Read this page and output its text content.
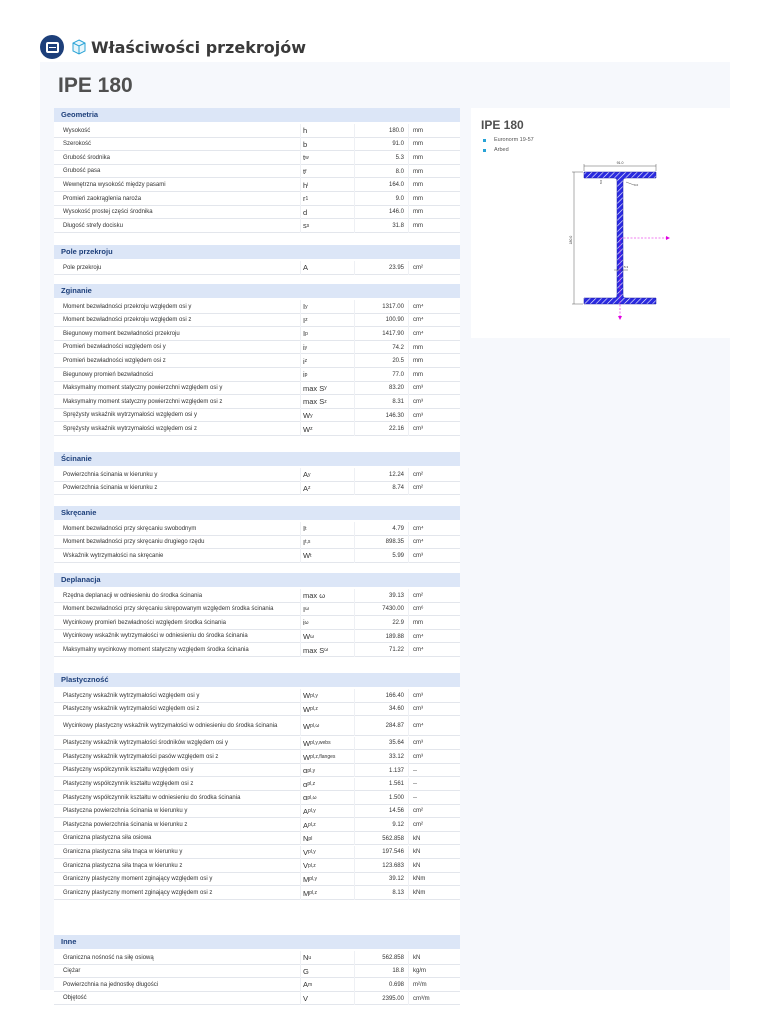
Właściwości przekrojów
Dlubal
IPE 180
Geometria
Wysokość	h	180.0	mm
Szerokość	b	91.0	mm
Grubość środnika	t w	5.3	mm
Grubość pasa	t f	8.0	mm
Wewnętrzna wysokość między pasami	h i	164.0	mm
Promień zaokrąglenia naroża	r 1	9.0	mm
Wysokość prostej części środnika	d	146.0	mm
Długość strefy docisku	s s	31.8	mm
Pole przekroju
Pole przekroju	A	23.95	cm²
Zginanie
Moment bezwładności przekroju względem osi y	I y	1317.00	cm⁴
Moment bezwładności przekroju względem osi z	I z	100.90	cm⁴
Biegunowy moment bezwładności przekroju	I p	1417.90	cm⁴
Promień bezwładności względem osi y	i y	74.2	mm
Promień bezwładności względem osi z	i z	20.5	mm
Biegunowy promień bezwładności	i p	77.0	mm
Maksymalny moment statyczny powierzchni względem osi y	max S y	83.20	cm³
Maksymalny moment statyczny powierzchni względem osi z	max S z	8.31	cm³
Sprężysty wskaźnik wytrzymałości względem osi y	W y	146.30	cm³
Sprężysty wskaźnik wytrzymałości względem osi z	W z	22.16	cm³
Ścinanie
Powierzchnia ścinania w kierunku y	A y	12.24	cm²
Powierzchnia ścinania w kierunku z	A z	8.74	cm²
Skręcanie
Moment bezwładności przy skręcaniu swobodnym	I t	4.79	cm⁴
Moment bezwładności przy skręcaniu drugiego rzędu	I t,s	898.35	cm⁴
Wskaźnik wytrzymałości na skręcanie	W t	5.99	cm³
Deplanacja
Rzędna deplanacji w odniesieniu do środka ścinania	max ω	39.13	cm²
Moment bezwładności przy skręcaniu skrępowanym względem środka ścinania	I ω	7430.00	cm⁶
Wycinkowy promień bezwładności względem środka ścinania	i ω	22.9	mm
Wycinkowy wskaźnik wytrzymałości w odniesieniu do środka ścinania	W ω	189.88	cm⁴
Maksymalny wycinkowy moment statyczny względem środka ścinania	max S ω	71.22	cm⁴
Plastyczność
Plastyczny wskaźnik wytrzymałości względem osi y	W pl,y	166.40	cm³
Plastyczny wskaźnik wytrzymałości względem osi z	W pl,z	34.60	cm³
Wycinkowy plastyczny wskaźnik wytrzymałości w odniesieniu do środka ścinania	W pl,ω	284.87	cm⁴
Plastyczny wskaźnik wytrzymałości środników względem osi y	W pl,y,webs	35.64	cm³
Plastyczny wskaźnik wytrzymałości pasów względem osi z	W pl,z,flanges	33.12	cm³
Plastyczny współczynnik kształtu względem osi y	α pl,y	1.137	--
Plastyczny współczynnik kształtu względem osi z	α pl,z	1.561	--
Plastyczny współczynnik kształtu w odniesieniu do środka ścinania	α pl,ω	1.500	--
Plastyczna powierzchnia ścinania w kierunku y	A pl,y	14.56	cm²
Plastyczna powierzchnia ścinania w kierunku z	A pl,z	9.12	cm²
Graniczna plastyczna siła osiowa	N pl	562.858	kN
Graniczna plastyczna siła tnąca w kierunku y	V pl,y	197.546	kN
Graniczna plastyczna siła tnąca w kierunku z	V pl,z	123.683	kN
Graniczny plastyczny moment zginający względem osi y	M pl,y	39.12	kNm
Graniczny plastyczny moment zginający względem osi z	M pl,z	8.13	kNm
Inne
Graniczna nośność na siłę osiową	N u	562.858	kN
Ciężar	G	18.8	kg/m
Powierzchnia na jednostkę długości	A m	0.698	m²/m
Objętość	V	2395.00	cm³/m
IPE 180
Euronorm 19-57
Arbed
91.0
180.0
8.0
9.0
5.3
